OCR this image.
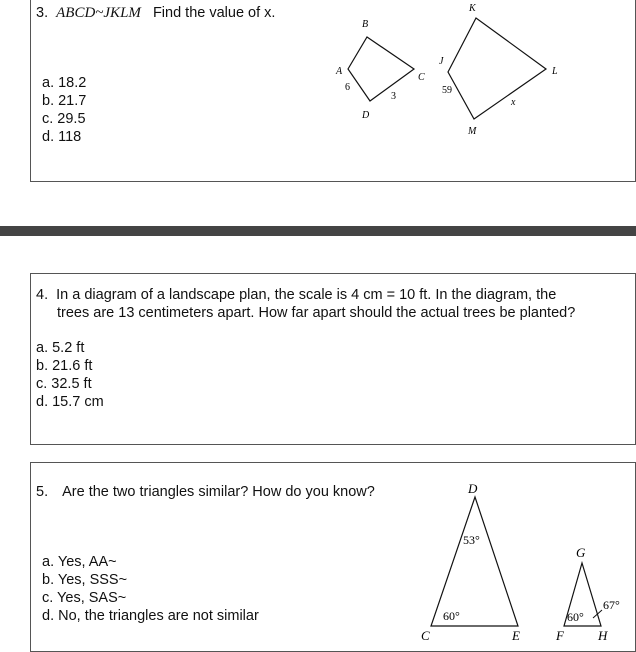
3. ABCD~JKLM Find the value of x.
a. 18.2
b. 21.7
c. 29.5
d. 118
B
A
C
D
6
3
K
J
L
M
59
x
4. In a diagram of a landscape plan, the scale is 4 cm = 10 ft. In the diagram, the
trees are 13 centimeters apart. How far apart should the actual trees be planted?
a. 5.2 ft
b. 21.6 ft
c. 32.5 ft
d. 15.7 cm
5. Are the two triangles similar? How do you know?
a. Yes, AA~
b. Yes, SSS~
c. Yes, SAS~
d. No, the triangles are not similar
D
C	E
53°
60°
G
F	H
60°
67°
